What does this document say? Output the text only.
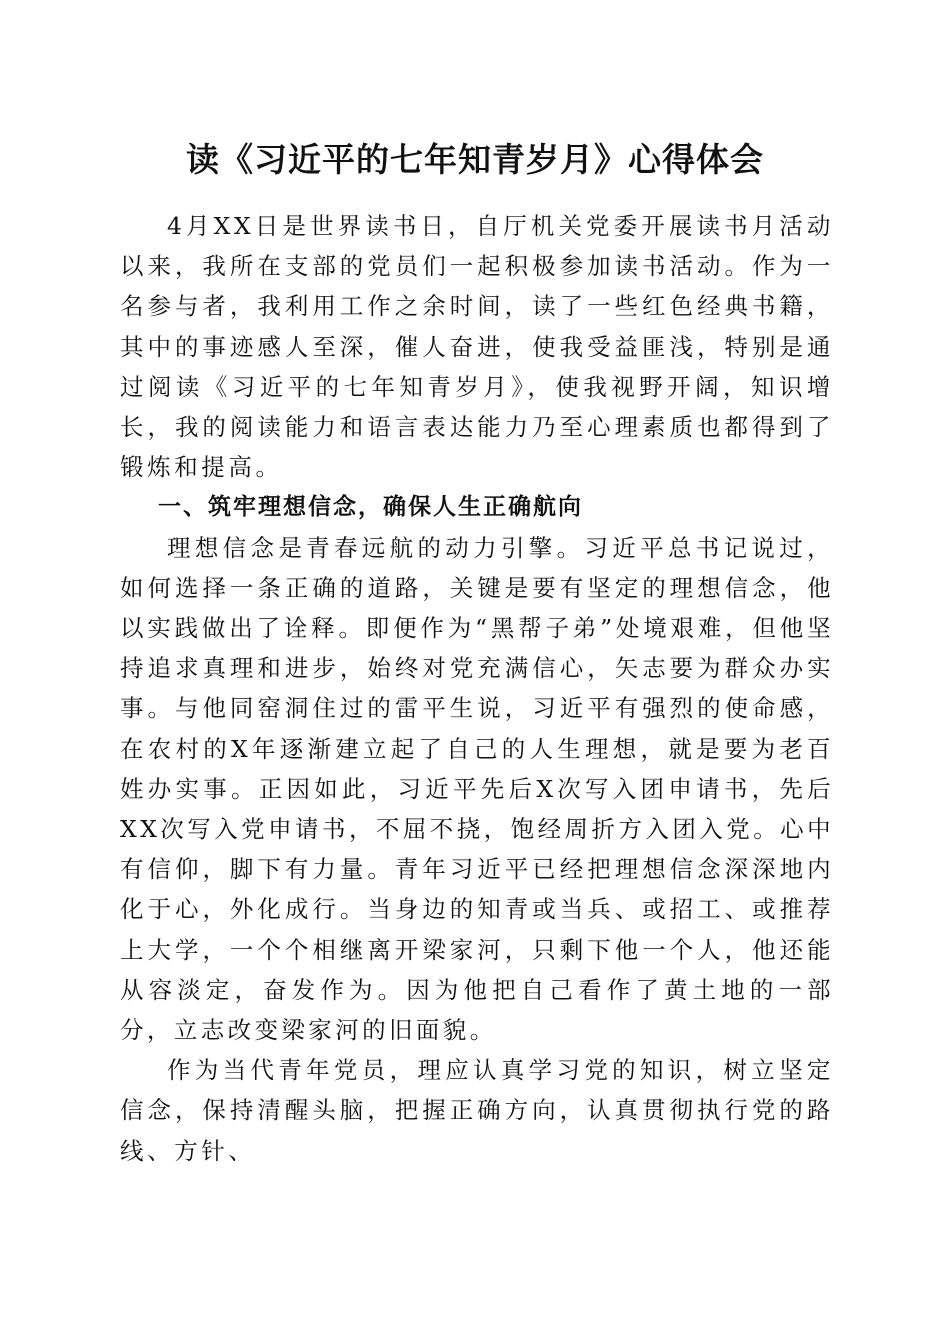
读《习近平的七年知青岁月》心得体会

4月XX日是世界读书日，自厅机关党委开展读书月活动以来，我所在支部的党员们一起积极参加读书活动。作为一名参与者，我利用工作之余时间，读了一些红色经典书籍，其中的事迹感人至深，催人奋进，使我受益匪浅，特别是通过阅读《习近平的七年知青岁月》，使我视野开阔，知识增长，我的阅读能力和语言表达能力乃至心理素质也都得到了锻炼和提高。

一、筑牢理想信念，确保人生正确航向

理想信念是青春远航的动力引擎。习近平总书记说过，如何选择一条正确的道路，关键是要有坚定的理想信念，他以实践做出了诠释。即便作为“黑帮子弟”处境艰难，但他坚持追求真理和进步，始终对党充满信心，矢志要为群众办实事。与他同窑洞住过的雷平生说，习近平有强烈的使命感，在农村的X年逐渐建立起了自己的人生理想，就是要为老百姓办实事。正因如此，习近平先后X次写入团申请书，先后XX次写入党申请书，不屈不挠，饱经周折方入团入党。心中有信仰，脚下有力量。青年习近平已经把理想信念深深地内化于心，外化成行。当身边的知青或当兵、或招工、或推荐上大学，一个个相继离开梁家河，只剩下他一个人，他还能从容淡定，奋发作为。因为他把自己看作了黄土地的一部分，立志改变梁家河的旧面貌。

作为当代青年党员，理应认真学习党的知识，树立坚定信念，保持清醒头脑，把握正确方向，认真贯彻执行党的路线、方针、
